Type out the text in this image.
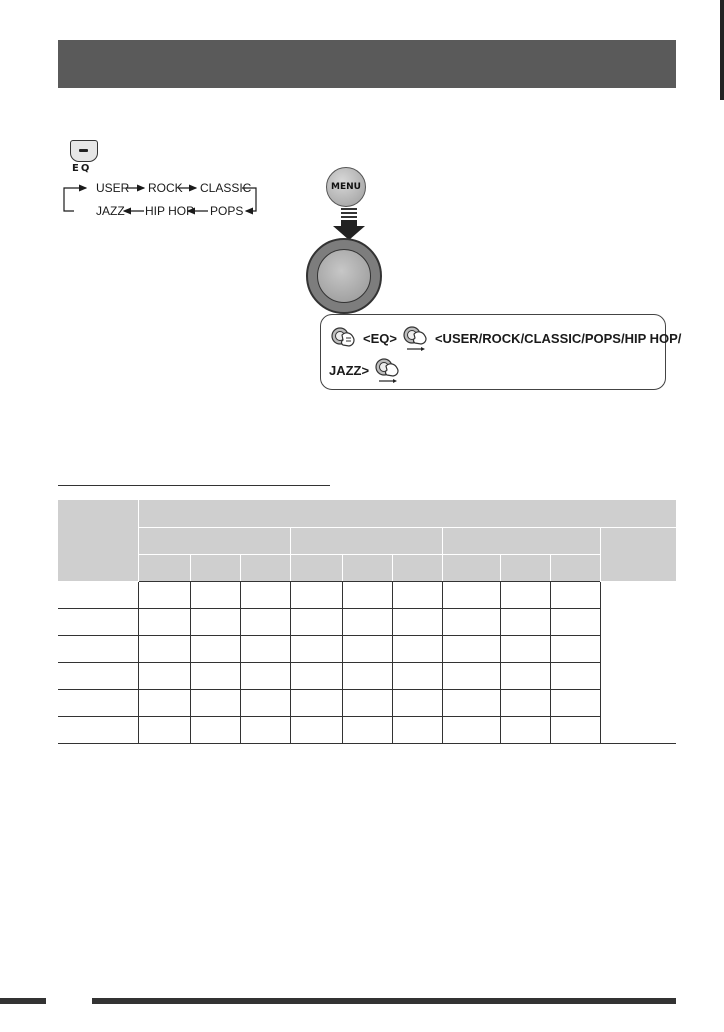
EQ
USER ROCK CLASSIC
JAZZ HIP HOP POPS
MENU
<EQ>	<USER/ROCK/CLASSIC/POPS/HIP HOP/
JAZZ>
